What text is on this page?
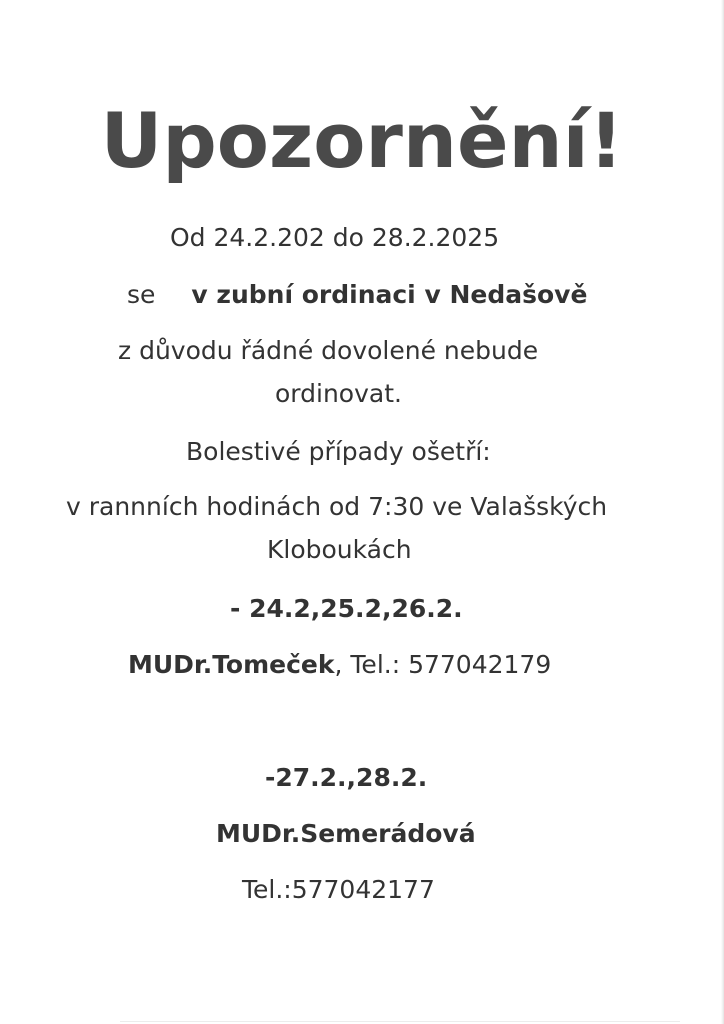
Upozornění!
Od 24.2.202 do 28.2.2025
se v zubní ordinaci v Nedašově
z důvodu řádné dovolené nebude
ordinovat.
Bolestivé případy ošetří:
v rannních hodinách od 7:30 ve Valašských
Kloboukách
- 24.2,25.2,26.2.
MUDr.Tomeček, Tel.: 577042179
-27.2.,28.2.
MUDr.Semerádová
Tel.:577042177
